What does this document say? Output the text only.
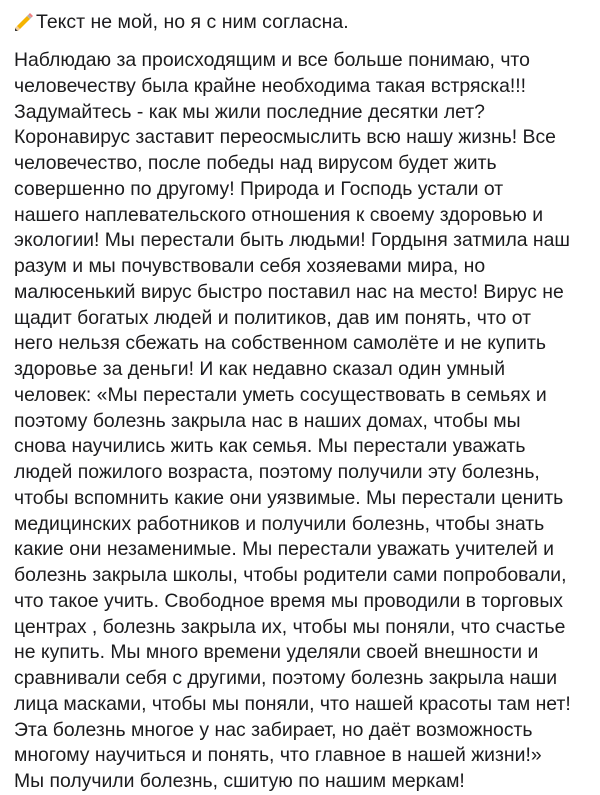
Текст не мой, но я с ним согласна.
Наблюдаю за происходящим и все больше понимаю, что
человечеству была крайне необходима такая встряска!!!
Задумайтесь - как мы жили последние десятки лет?
Коронавирус заставит переосмыслить всю нашу жизнь! Все
человечество, после победы над вирусом будет жить
совершенно по другому! Природа и Господь устали от
нашего наплевательского отношения к своему здоровью и
экологии! Мы перестали быть людьми! Гордыня затмила наш
разум и мы почувствовали себя хозяевами мира, но
малюсенький вирус быстро поставил нас на место! Вирус не
щадит богатых людей и политиков, дав им понять, что от
него нельзя сбежать на собственном самолёте и не купить
здоровье за деньги! И как недавно сказал один умный
человек: «Мы перестали уметь сосуществовать в семьях и
поэтому болезнь закрыла нас в наших домах, чтобы мы
снова научились жить как семья. Мы перестали уважать
людей пожилого возраста, поэтому получили эту болезнь,
чтобы вспомнить какие они уязвимые. Мы перестали ценить
медицинских работников и получили болезнь, чтобы знать
какие они незаменимые. Мы перестали уважать учителей и
болезнь закрыла школы, чтобы родители сами попробовали,
что такое учить. Свободное время мы проводили в торговых
центрах , болезнь закрыла их, чтобы мы поняли, что счастье
не купить. Мы много времени уделяли своей внешности и
сравнивали себя с другими, поэтому болезнь закрыла наши
лица масками, чтобы мы поняли, что нашей красоты там нет!
Эта болезнь многое у нас забирает, но даёт возможность
многому научиться и понять, что главное в нашей жизни!»
Мы получили болезнь, сшитую по нашим меркам!
